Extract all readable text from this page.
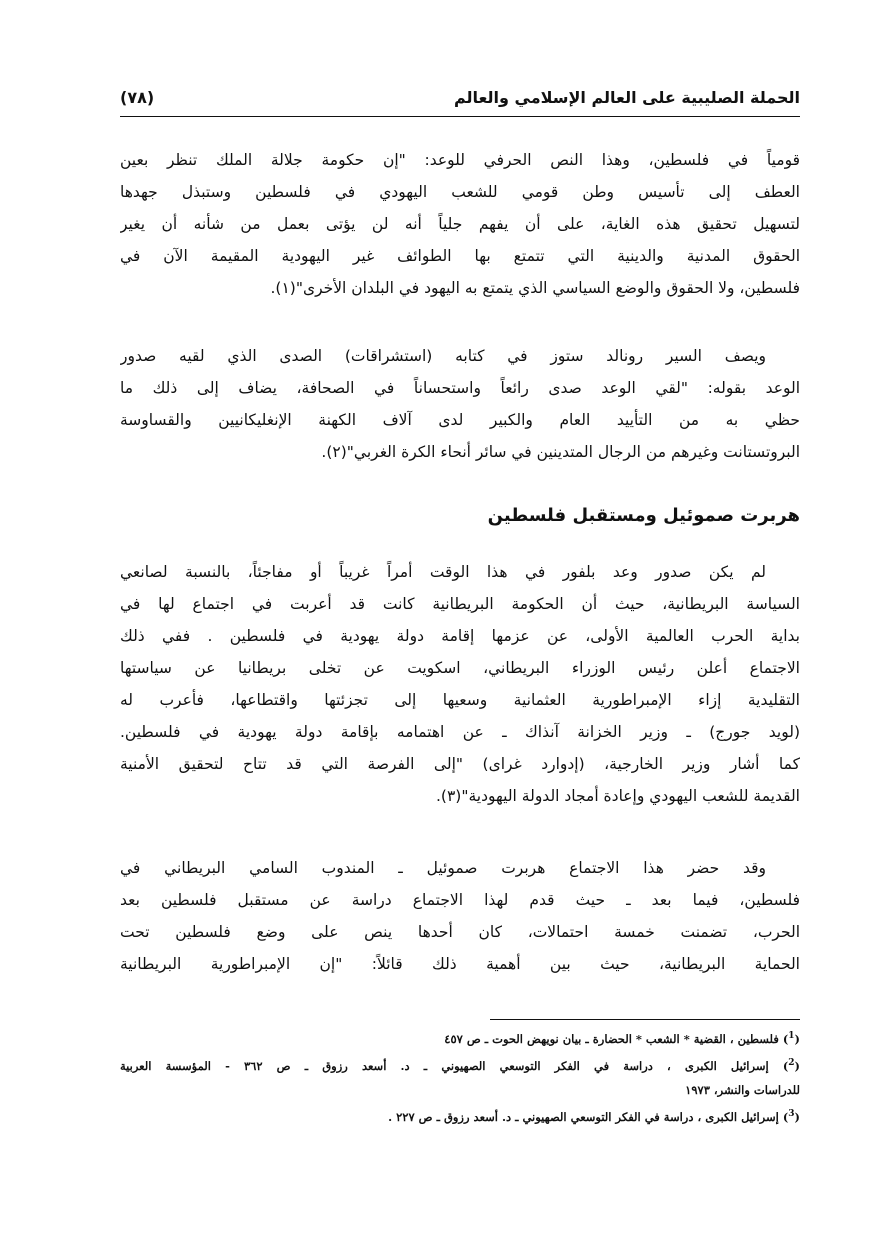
الحملة الصليبية على العالم الإسلامي والعالم
(٧٨)
قومياً في فلسطين، وهذا النص الحرفي للوعد: "إن حكومة جلالة الملك تنظر بعين
العطف إلى تأسيس وطن قومي للشعب اليهودي في فلسطين وستبذل جهدها
لتسهيل تحقيق هذه الغاية، على أن يفهم جلياً أنه لن يؤتى بعمل من شأنه أن يغير
الحقوق المدنية والدينية التي تتمتع بها الطوائف غير اليهودية المقيمة الآن في
فلسطين، ولا الحقوق والوضع السياسي الذي يتمتع به اليهود في البلدان الأخرى"(١).
ويصف السير رونالد ستوز في كتابه (استشراقات) الصدى الذي لقيه صدور
الوعد بقوله: "لقي الوعد صدى رائعاً واستحساناً في الصحافة، يضاف إلى ذلك ما
حظي به من التأييد العام والكبير لدى آلاف الكهنة الإنغليكانيين والقساوسة
البروتستانت وغيرهم من الرجال المتدينين في سائر أنحاء الكرة الغربي"(٢).
هربرت صموئيل ومستقبل فلسطين
لم يكن صدور وعد بلفور في هذا الوقت أمراً غريباً أو مفاجئاً، بالنسبة لصانعي
السياسة البريطانية، حيث أن الحكومة البريطانية كانت قد أعربت في اجتماع لها في
بداية الحرب العالمية الأولى، عن عزمها إقامة دولة يهودية في فلسطين . ففي ذلك
الاجتماع أعلن رئيس الوزراء البريطاني، اسكويت عن تخلى بريطانيا عن سياستها
التقليدية إزاء الإمبراطورية العثمانية وسعيها إلى تجزئتها واقتطاعها، فأعرب له
(لويد جورج) ـ وزير الخزانة آنذاك ـ عن اهتمامه بإقامة دولة يهودية في فلسطين.
كما أشار وزير الخارجية، (إدوارد غراى) "إلى الفرصة التي قد تتاح لتحقيق الأمنية
القديمة للشعب اليهودي وإعادة أمجاد الدولة اليهودية"(٣).
وقد حضر هذا الاجتماع هربرت صموئيل ـ المندوب السامي البريطاني في
فلسطين، فيما بعد ـ حيث قدم لهذا الاجتماع دراسة عن مستقبل فلسطين بعد
الحرب، تضمنت خمسة احتمالات، كان أحدها ينص على وضع فلسطين تحت
الحماية البريطانية، حيث بين أهمية ذلك قائلاً: "إن الإمبراطورية البريطانية
($^1$) فلسطين ، القضية * الشعب * الحضارة ـ بيان نويهض الحوت ـ ص ٤٥٧
($^2$) إسرائيل الكبرى ، دراسة في الفكر التوسعي الصهيوني ـ د. أسعد رزوق ـ ص ٣٦٢ - المؤسسة العربية
للدراسات والنشر، ١٩٧٣
($^3$) إسرائيل الكبرى ، دراسة في الفكر التوسعي الصهيوني ـ د. أسعد رزوق ـ ص ٢٢٧ .
